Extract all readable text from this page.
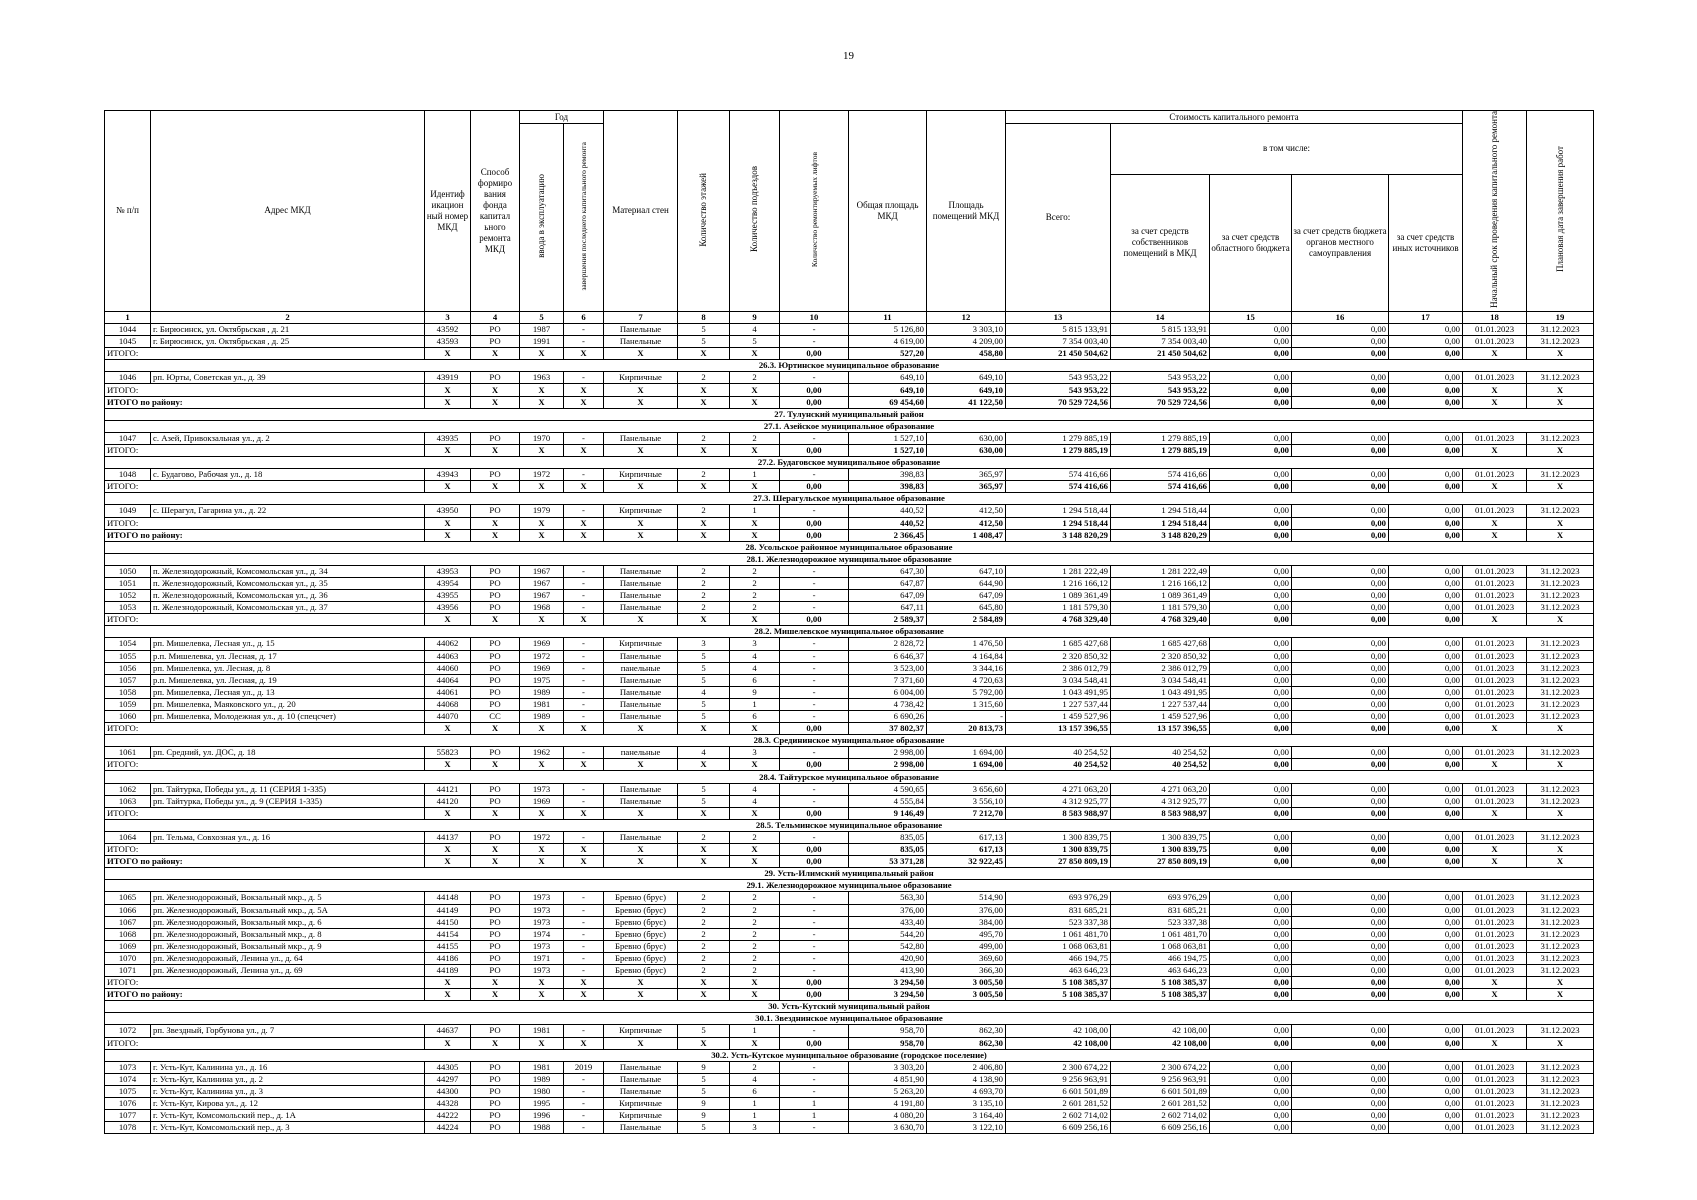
19
№ п/п	Адрес МКД	Идентиф икацион ный номер МКД	Способ формиро вания фонда капитал ьного ремонта МКД	Год		Материал стен	Количество этажей	Количество подъездов	Количество ремонтируемых лифтов	Общая площадь МКД	Площадь помещений МКД	Стоимость капитального ремонта					Начальный срок проведения капитального ремонта	Плановая дата завершения работ
				ввода в эксплуатацию	завершения последнего капитального ремонта							Всего:	в том числе:					
													за счет средств собственников помещений в МКД	за счет средств областного бюджета	за счет средств бюджета органов местного самоуправления	за счет средств иных источников		
1	2	3	4	5	6	7	8	9	10	11	12	13	14	15	16	17	18	19
1044	г. Бирюсинск, ул. Октябрьская , д. 21	43592	РО	1987	-	Панельные	5	4	-	5 126,80	3 303,10	5 815 133,91	5 815 133,91	0,00	0,00	0,00	01.01.2023	31.12.2023
1045	г. Бирюсинск, ул. Октябрьская , д. 25	43593	РО	1991	-	Панельные	5	5	-	4 619,00	4 209,00	7 354 003,40	7 354 003,40	0,00	0,00	0,00	01.01.2023	31.12.2023
ИТОГО:		X	X	X	X	X	X	X	0,00	527,20	458,80	21 450 504,62	21 450 504,62	0,00	0,00	0,00	X	X
26.3. Юртинское муниципальное образование																		
1046	рп. Юрты, Советская ул., д. 39	43919	РО	1963	-	Кирпичные	2	2	-	649,10	649,10	543 953,22	543 953,22	0,00	0,00	0,00	01.01.2023	31.12.2023
ИТОГО:		X	X	X	X	X	X	X	0,00	649,10	649,10	543 953,22	543 953,22	0,00	0,00	0,00	X	X
ИТОГО по району:		X	X	X	X	X	X	X	0,00	69 454,60	41 122,50	70 529 724,56	70 529 724,56	0,00	0,00	0,00	X	X
27. Тулунский муниципальный район																		
27.1. Азейское муниципальное образование																		
1047	с. Азей, Привокзальная ул., д. 2	43935	РО	1970	-	Панельные	2	2	-	1 527,10	630,00	1 279 885,19	1 279 885,19	0,00	0,00	0,00	01.01.2023	31.12.2023
ИТОГО:		X	X	X	X	X	X	X	0,00	1 527,10	630,00	1 279 885,19	1 279 885,19	0,00	0,00	0,00	X	X
27.2. Будаговское муниципальное образование																		
1048	с. Будагово, Рабочая ул., д. 18	43943	РО	1972	-	Кирпичные	2	1	-	398,83	365,97	574 416,66	574 416,66	0,00	0,00	0,00	01.01.2023	31.12.2023
ИТОГО:		X	X	X	X	X	X	X	0,00	398,83	365,97	574 416,66	574 416,66	0,00	0,00	0,00	X	X
27.3. Шерагульское муниципальное образование																		
1049	с. Шерагул, Гагарина ул., д. 22	43950	РО	1979	-	Кирпичные	2	1	-	440,52	412,50	1 294 518,44	1 294 518,44	0,00	0,00	0,00	01.01.2023	31.12.2023
ИТОГО:		X	X	X	X	X	X	X	0,00	440,52	412,50	1 294 518,44	1 294 518,44	0,00	0,00	0,00	X	X
ИТОГО по району:		X	X	X	X	X	X	X	0,00	2 366,45	1 408,47	3 148 820,29	3 148 820,29	0,00	0,00	0,00	X	X
28. Усольское районное муниципальное образование																		
28.1. Железнодорожное муниципальное образование																		
1050	п. Железнодорожный, Комсомольская ул., д. 34	43953	РО	1967	-	Панельные	2	2	-	647,30	647,10	1 281 222,49	1 281 222,49	0,00	0,00	0,00	01.01.2023	31.12.2023
1051	п. Железнодорожный, Комсомольская ул., д. 35	43954	РО	1967	-	Панельные	2	2	-	647,87	644,90	1 216 166,12	1 216 166,12	0,00	0,00	0,00	01.01.2023	31.12.2023
1052	п. Железнодорожный, Комсомольская ул., д. 36	43955	РО	1967	-	Панельные	2	2	-	647,09	647,09	1 089 361,49	1 089 361,49	0,00	0,00	0,00	01.01.2023	31.12.2023
1053	п. Железнодорожный, Комсомольская ул., д. 37	43956	РО	1968	-	Панельные	2	2	-	647,11	645,80	1 181 579,30	1 181 579,30	0,00	0,00	0,00	01.01.2023	31.12.2023
ИТОГО:		X	X	X	X	X	X	X	0,00	2 589,37	2 584,89	4 768 329,40	4 768 329,40	0,00	0,00	0,00	X	X
28.2. Мишелевское муниципальное образование																		
1054	рп. Мишелевка, Лесная ул., д. 15	44062	РО	1969	-	Кирпичные	3	3	-	2 828,72	1 476,50	1 685 427,68	1 685 427,68	0,00	0,00	0,00	01.01.2023	31.12.2023
1055	р.п. Мишелевка, ул. Лесная, д. 17	44063	РО	1972	-	Панельные	5	4	-	6 646,37	4 164,84	2 320 850,32	2 320 850,32	0,00	0,00	0,00	01.01.2023	31.12.2023
1056	рп. Мишелевка, ул. Лесная, д. 8	44060	РО	1969	-	панельные	5	4	-	3 523,00	3 344,16	2 386 012,79	2 386 012,79	0,00	0,00	0,00	01.01.2023	31.12.2023
1057	р.п. Мишелевка, ул. Лесная, д. 19	44064	РО	1975	-	Панельные	5	6	-	7 371,60	4 720,63	3 034 548,41	3 034 548,41	0,00	0,00	0,00	01.01.2023	31.12.2023
1058	рп. Мишелевка, Лесная ул., д. 13	44061	РО	1989	-	Панельные	4	9	-	6 004,00	5 792,00	1 043 491,95	1 043 491,95	0,00	0,00	0,00	01.01.2023	31.12.2023
1059	рп. Мишелевка, Маяковского ул., д. 20	44068	РО	1981	-	Панельные	5	1	-	4 738,42	1 315,60	1 227 537,44	1 227 537,44	0,00	0,00	0,00	01.01.2023	31.12.2023
1060	рп. Мишелевка, Молодежная ул., д. 10 (спецсчет)	44070	СС	1989	-	Панельные	5	6	-	6 690,26	-	1 459 527,96	1 459 527,96	0,00	0,00	0,00	01.01.2023	31.12.2023
ИТОГО:		X	X	X	X	X	X	X	0,00	37 802,37	20 813,73	13 157 396,55	13 157 396,55	0,00	0,00	0,00	X	X
28.3. Средининское муниципальное образование																		
1061	рп. Средний, ул. ДОС, д. 18	55823	РО	1962	-	панельные	4	3	-	2 998,00	1 694,00	40 254,52	40 254,52	0,00	0,00	0,00	01.01.2023	31.12.2023
ИТОГО:		X	X	X	X	X	X	X	0,00	2 998,00	1 694,00	40 254,52	40 254,52	0,00	0,00	0,00	X	X
28.4. Тайтурское муниципальное образование																		
1062	рп. Тайтурка, Победы ул., д. 11 (СЕРИЯ 1-335)	44121	РО	1973	-	Панельные	5	4	-	4 590,65	3 656,60	4 271 063,20	4 271 063,20	0,00	0,00	0,00	01.01.2023	31.12.2023
1063	рп. Тайтурка, Победы ул., д. 9 (СЕРИЯ 1-335)	44120	РО	1969	-	Панельные	5	4	-	4 555,84	3 556,10	4 312 925,77	4 312 925,77	0,00	0,00	0,00	01.01.2023	31.12.2023
ИТОГО:		X	X	X	X	X	X	X	0,00	9 146,49	7 212,70	8 583 988,97	8 583 988,97	0,00	0,00	0,00	X	X
28.5. Тельминское муниципальное образование																		
1064	рп. Тельма, Совхозная ул., д. 16	44137	РО	1972	-	Панельные	2	2	-	835,05	617,13	1 300 839,75	1 300 839,75	0,00	0,00	0,00	01.01.2023	31.12.2023
ИТОГО:		X	X	X	X	X	X	X	0,00	835,05	617,13	1 300 839,75	1 300 839,75	0,00	0,00	0,00	X	X
ИТОГО по району:		X	X	X	X	X	X	X	0,00	53 371,28	32 922,45	27 850 809,19	27 850 809,19	0,00	0,00	0,00	X	X
29. Усть-Илимский муниципальный район																		
29.1. Железнодорожное муниципальное образование																		
1065	рп. Железнодорожный, Вокзальный мкр., д. 5	44148	РО	1973	-	Бревно (брус)	2	2	-	563,30	514,90	693 976,29	693 976,29	0,00	0,00	0,00	01.01.2023	31.12.2023
1066	рп. Железнодорожный, Вокзальный мкр., д. 5А	44149	РО	1973	-	Бревно (брус)	2	2	-	376,00	376,00	831 685,21	831 685,21	0,00	0,00	0,00	01.01.2023	31.12.2023
1067	рп. Железнодорожный, Вокзальный мкр., д. 6	44150	РО	1973	-	Бревно (брус)	2	2	-	433,40	384,00	523 337,38	523 337,38	0,00	0,00	0,00	01.01.2023	31.12.2023
1068	рп. Железнодорожный, Вокзальный мкр., д. 8	44154	РО	1974	-	Бревно (брус)	2	2	-	544,20	495,70	1 061 481,70	1 061 481,70	0,00	0,00	0,00	01.01.2023	31.12.2023
1069	рп. Железнодорожный, Вокзальный мкр., д. 9	44155	РО	1973	-	Бревно (брус)	2	2	-	542,80	499,00	1 068 063,81	1 068 063,81	0,00	0,00	0,00	01.01.2023	31.12.2023
1070	рп. Железнодорожный, Ленина ул., д. 64	44186	РО	1971	-	Бревно (брус)	2	2	-	420,90	369,60	466 194,75	466 194,75	0,00	0,00	0,00	01.01.2023	31.12.2023
1071	рп. Железнодорожный, Ленина ул., д. 69	44189	РО	1973	-	Бревно (брус)	2	2	-	413,90	366,30	463 646,23	463 646,23	0,00	0,00	0,00	01.01.2023	31.12.2023
ИТОГО:		X	X	X	X	X	X	X	0,00	3 294,50	3 005,50	5 108 385,37	5 108 385,37	0,00	0,00	0,00	X	X
ИТОГО по району:		X	X	X	X	X	X	X	0,00	3 294,50	3 005,50	5 108 385,37	5 108 385,37	0,00	0,00	0,00	X	X
30. Усть-Кутский муниципальный район																		
30.1. Звезднинское муниципальное образование																		
1072	рп. Звездный, Горбунова ул., д. 7	44637	РО	1981	-	Кирпичные	5	1	-	958,70	862,30	42 108,00	42 108,00	0,00	0,00	0,00	01.01.2023	31.12.2023
ИТОГО:		X	X	X	X	X	X	X	0,00	958,70	862,30	42 108,00	42 108,00	0,00	0,00	0,00	X	X
30.2. Усть-Кутское муниципальное образование (городское поселение)																		
1073	г. Усть-Кут, Калинина ул., д. 16	44305	РО	1981	2019	Панельные	9	2	-	3 303,20	2 406,80	2 300 674,22	2 300 674,22	0,00	0,00	0,00	01.01.2023	31.12.2023
1074	г. Усть-Кут, Калинина ул., д. 2	44297	РО	1989	-	Панельные	5	4	-	4 851,90	4 138,90	9 256 963,91	9 256 963,91	0,00	0,00	0,00	01.01.2023	31.12.2023
1075	г. Усть-Кут, Калинина ул., д. 3	44300	РО	1980	-	Панельные	5	6	-	5 263,20	4 693,70	6 601 501,89	6 601 501,89	0,00	0,00	0,00	01.01.2023	31.12.2023
1076	г. Усть-Кут, Кирова ул., д. 12	44328	РО	1995	-	Кирпичные	9	1	1	4 191,80	3 135,10	2 601 281,52	2 601 281,52	0,00	0,00	0,00	01.01.2023	31.12.2023
1077	г. Усть-Кут, Комсомольский пер., д. 1А	44222	РО	1996	-	Кирпичные	9	1	1	4 080,20	3 164,40	2 602 714,02	2 602 714,02	0,00	0,00	0,00	01.01.2023	31.12.2023
1078	г. Усть-Кут, Комсомольский пер., д. 3	44224	РО	1988	-	Панельные	5	3	-	3 630,70	3 122,10	6 609 256,16	6 609 256,16	0,00	0,00	0,00	01.01.2023	31.12.2023
